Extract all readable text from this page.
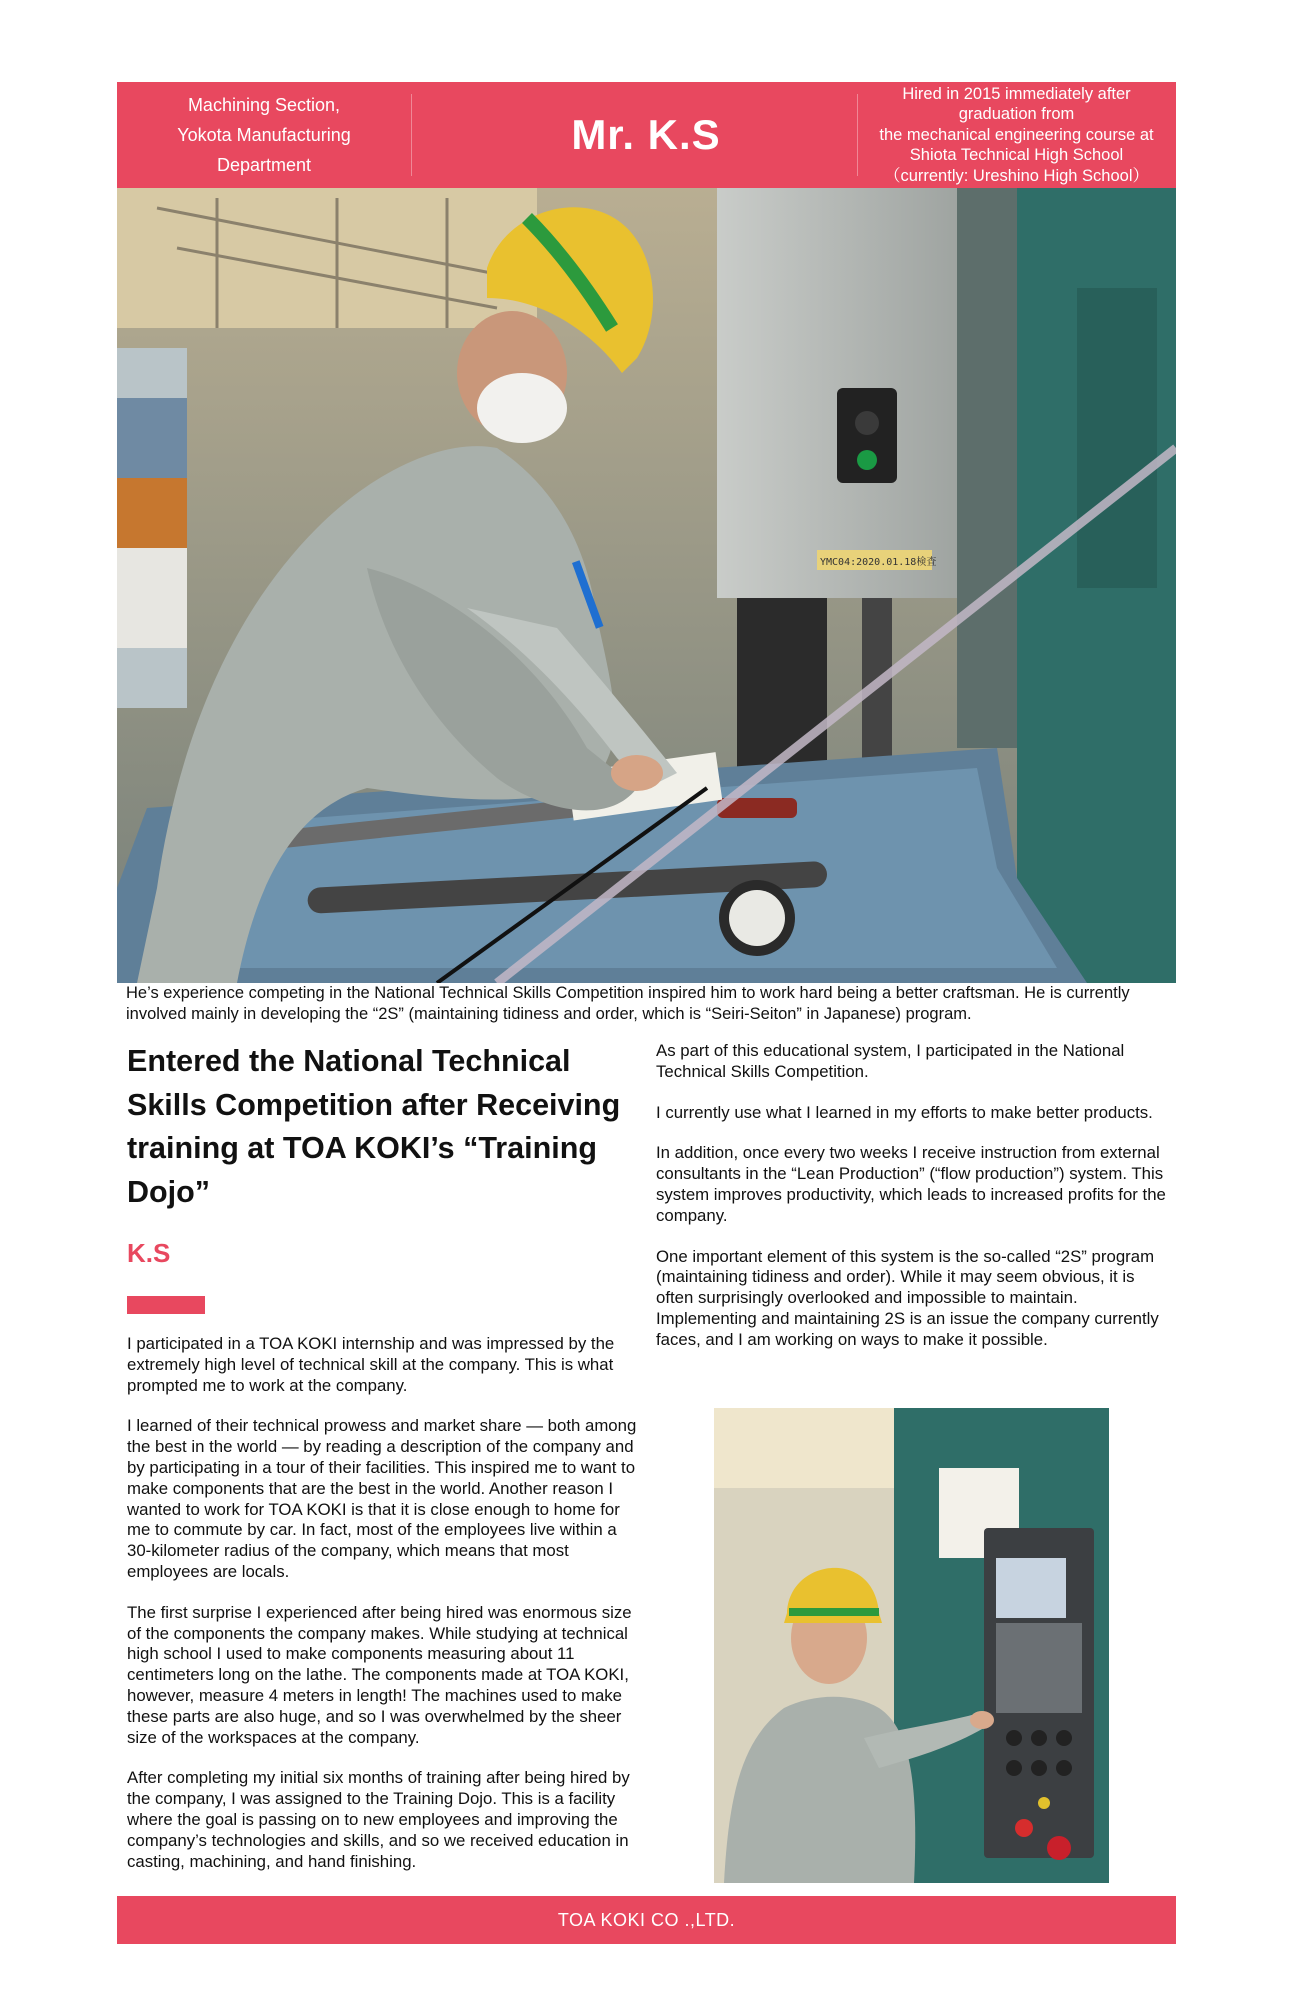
Machining Section,
Yokota Manufacturing
Department
Mr. K.S
Hired in 2015 immediately after
graduation from
the mechanical engineering course at
Shiota Technical High School
（currently: Ureshino High School）
YMC04:2020.01.18検査
He’s experience competing in the National Technical Skills Competition inspired him to work hard being a better craftsman. He is currently involved mainly in developing the “2S” (maintaining tidiness and order, which is “Seiri-Seiton” in Japanese) program.
Entered the National Technical Skills Competition after Receiving training at TOA KOKI’s “Training Dojo”
K.S

I participated in a TOA KOKI internship and was impressed by the extremely high level of technical skill at the company. This is what prompted me to work at the company.

I learned of their technical prowess and market share — both among the best in the world — by reading a description of the company and by participating in a tour of their facilities. This inspired me to want to make components that are the best in the world. Another reason I wanted to work for TOA KOKI is that it is close enough to home for me to commute by car. In fact, most of the employees live within a 30-kilometer radius of the company, which means that most employees are locals.

The first surprise I experienced after being hired was enormous size of the components the company makes. While studying at technical high school I used to make components measuring about 11 centimeters long on the lathe. The components made at TOA KOKI, however, measure 4 meters in length! The machines used to make these parts are also huge, and so I was overwhelmed by the sheer size of the workspaces at the company.

After completing my initial six months of training after being hired by the company, I was assigned to the Training Dojo. This is a facility where the goal is passing on to new employees and improving the company’s technologies and skills, and so we received education in casting, machining, and hand finishing.

As part of this educational system, I participated in the National Technical Skills Competition.

I currently use what I learned in my efforts to make better products.

In addition, once every two weeks I receive instruction from external consultants in the “Lean Production” (“flow production”) system. This system improves productivity, which leads to increased profits for the company.

One important element of this system is the so-called “2S” program (maintaining tidiness and order). While it may seem obvious, it is often surprisingly overlooked and impossible to maintain. Implementing and maintaining 2S is an issue the company currently faces, and I am working on ways to make it possible.

TOA KOKI CO .,LTD.
